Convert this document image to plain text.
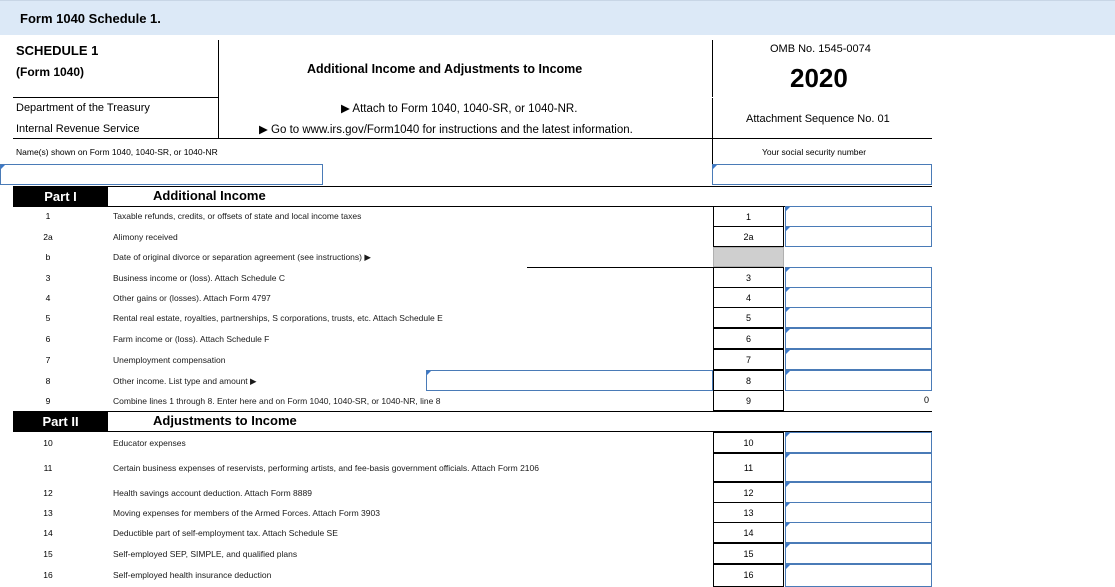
Form 1040 Schedule 1.
SCHEDULE 1
(Form 1040)	Additional Income and Adjustments to Income
Department of the Treasury
Internal Revenue Service
▶ Attach to Form 1040, 1040-SR, or 1040-NR.
▶ Go to www.irs.gov/Form1040 for instructions and the latest information.
OMB No. 1545-0074
2020
Attachment Sequence No. 01
Name(s) shown on Form 1040, 1040-SR, or 1040-NR	Your social security number
Part I	Additional Income
1	Taxable refunds, credits, or offsets of state and local income taxes	1
2a	Alimony received	2a
b	Date of original divorce or separation agreement (see instructions) ▶
3	Business income or (loss). Attach Schedule C	3
4	Other gains or (losses). Attach Form 4797	4
5	Rental real estate, royalties, partnerships, S corporations, trusts, etc. Attach Schedule E	5
6	Farm income or (loss). Attach Schedule F	6
7	Unemployment compensation	7
8	Other income. List type and amount ▶	8
9	Combine lines 1 through 8. Enter here and on Form 1040, 1040-SR, or 1040-NR, line 8	9	0
Part II	Adjustments to Income
10	Educator expenses	10
11	Certain business expenses of reservists, performing artists, and fee-basis government officials. Attach Form 2106	11
12	Health savings account deduction. Attach Form 8889	12
13	Moving expenses for members of the Armed Forces. Attach Form 3903	13
14	Deductible part of self-employment tax. Attach Schedule SE	14
15	Self-employed SEP, SIMPLE, and qualified plans	15
16	Self-employed health insurance deduction	16
